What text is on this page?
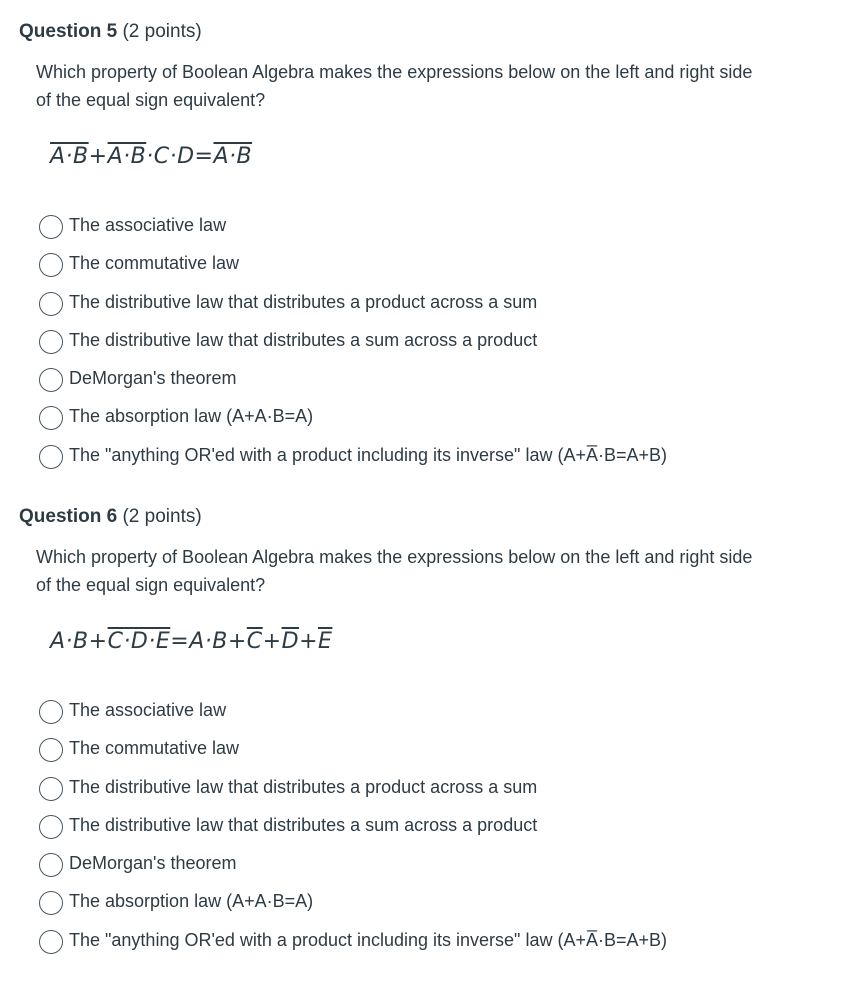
Question 5 (2 points)
Which property of Boolean Algebra makes the expressions below on the left and right side of the equal sign equivalent?
A·B+A·B·C·D=A·B
The associative law
The commutative law
The distributive law that distributes a product across a sum
The distributive law that distributes a sum across a product
DeMorgan's theorem
The absorption law (A+A·B=A)
The "anything OR'ed with a product including its inverse" law (A+A̅·B=A+B)
Question 6 (2 points)
Which property of Boolean Algebra makes the expressions below on the left and right side of the equal sign equivalent?
$A\cdot B+C\cdot D\cdot E=A\cdot B+\overline{C}+\overline{D}+\overline{E}$
The associative law
The commutative law
The distributive law that distributes a product across a sum
The distributive law that distributes a sum across a product
DeMorgan's theorem
The absorption law (A+A·B=A)
The "anything OR'ed with a product including its inverse" law (A+A̅·B=A+B)
